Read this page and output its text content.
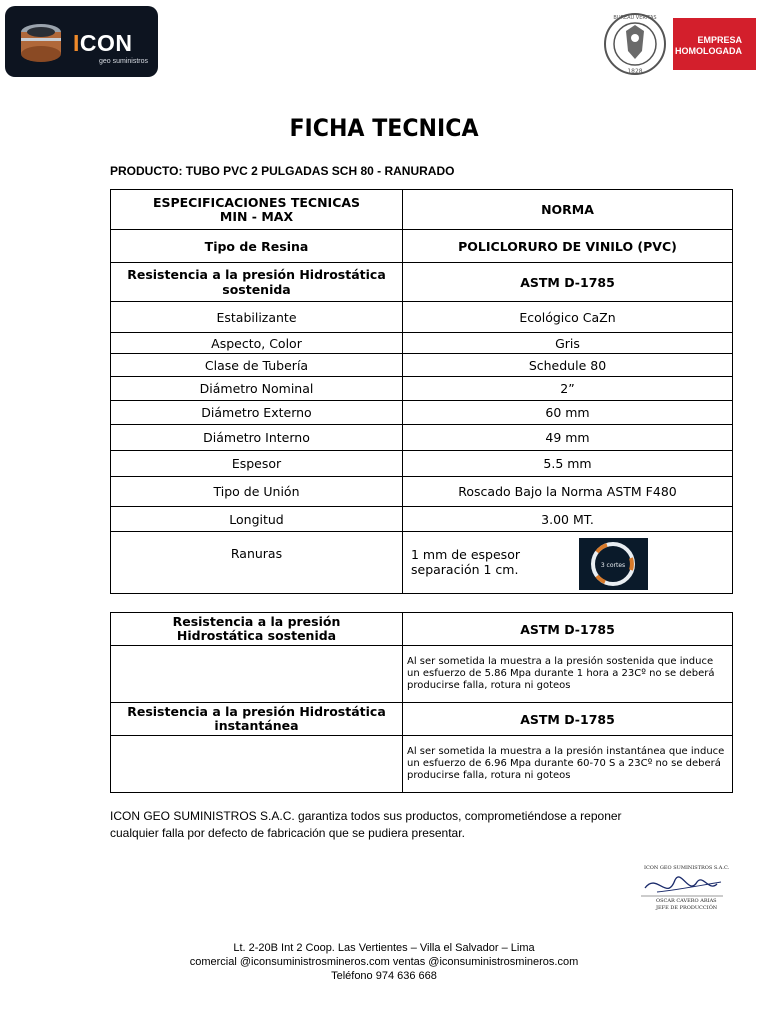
ICON
geo suministros
EMPRESA
HOMOLOGADA
1828
BUREAU VERITAS
FICHA TECNICA
PRODUCTO: TUBO PVC 2 PULGADAS SCH 80 - RANURADO
ESPECIFICACIONES TECNICAS
MIN - MAX	NORMA
Tipo de Resina	POLICLORURO DE VINILO (PVC)
Resistencia a la presión Hidrostática sostenida	ASTM D-1785
Estabilizante	Ecológico CaZn
Aspecto, Color	Gris
Clase de Tubería	Schedule 80
Diámetro Nominal	2”
Diámetro Externo	60 mm
Diámetro Interno	49 mm
Espesor	5.5 mm
Tipo de Unión	Roscado Bajo la Norma ASTM F480
Longitud	3.00 MT.
Ranuras	1 mm de espesor
separación 1 cm. 3 cortes
Resistencia a la presión
Hidrostática sostenida	ASTM D-1785
	Al ser sometida la muestra a la presión sostenida que induce un esfuerzo de 5.86 Mpa durante 1 hora a 23Cº no se deberá producirse falla, rotura ni goteos
Resistencia a la presión Hidrostática
instantánea	ASTM D-1785
	Al ser sometida la muestra a la presión instantánea que induce un esfuerzo de 6.96 Mpa durante 60-70 S a 23Cº no se deberá producirse falla, rotura ni goteos
ICON GEO SUMINISTROS S.A.C. garantiza todos sus productos, comprometiéndose a reponer cualquier falla por defecto de fabricación que se pudiera presentar.
ICON GEO SUMINISTROS S.A.C.
OSCAR CAVERO ARIAS
JEFE DE PRODUCCIÓN
Lt. 2-20B Int 2 Coop. Las Vertientes – Villa el Salvador – Lima
comercial @iconsuministrosmineros.com ventas @iconsuministrosmineros.com
Teléfono 974 636 668
